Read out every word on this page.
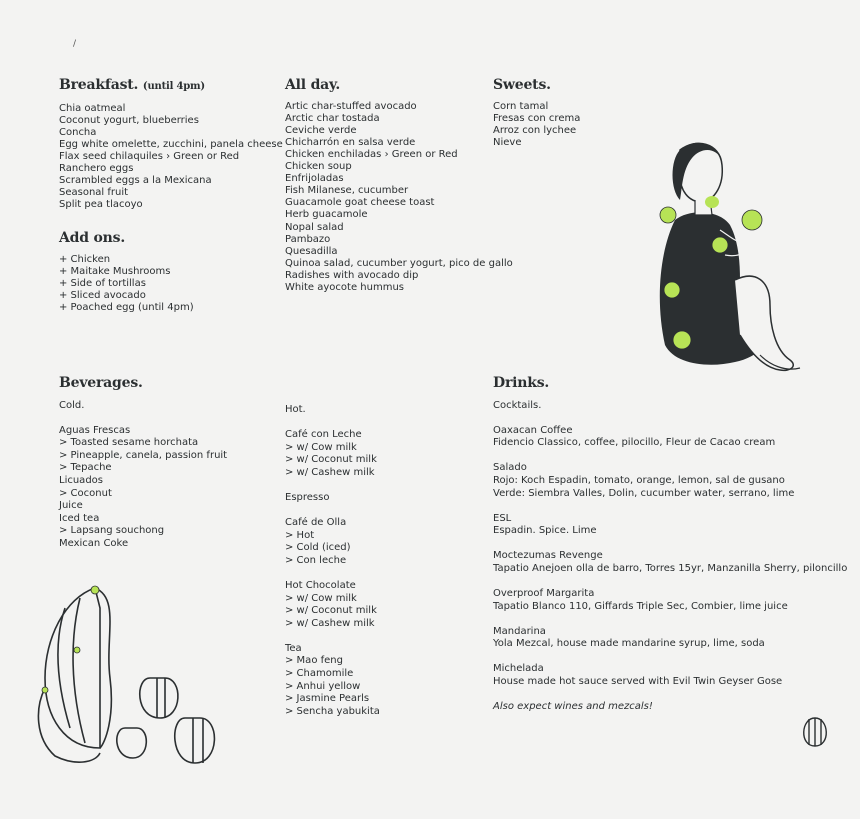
/
Breakfast. (until 4pm)
Chia oatmeal
Coconut yogurt, blueberries
Concha
Egg white omelette, zucchini, panela cheese
Flax seed chilaquiles › Green or Red
Ranchero eggs
Scrambled eggs a la Mexicana
Seasonal fruit
Split pea tlacoyo
Add ons.
+ Chicken
+ Maitake Mushrooms
+ Side of tortillas
+ Sliced avocado
+ Poached egg (until 4pm)
All day.
Artic char-stuffed avocado
Arctic char tostada
Ceviche verde
Chicharrón en salsa verde
Chicken enchiladas › Green or Red
Chicken soup
Enfrijoladas
Fish Milanese, cucumber
Guacamole goat cheese toast
Herb guacamole
Nopal salad
Pambazo
Quesadilla
Quinoa salad, cucumber yogurt, pico de gallo
Radishes with avocado dip
White ayocote hummus
Sweets.
Corn tamal
Fresas con crema
Arroz con lychee
Nieve
Beverages.
Cold.
Aguas Frescas
> Toasted sesame horchata
> Pineapple, canela, passion fruit
> Tepache
Licuados
> Coconut
Juice
Iced tea
> Lapsang souchong
Mexican Coke
Hot.
Café con Leche
> w/ Cow milk
> w/ Coconut milk
> w/ Cashew milk
Espresso
Café de Olla
> Hot
> Cold (iced)
> Con leche
Hot Chocolate
> w/ Cow milk
> w/ Coconut milk
> w/ Cashew milk
Tea
> Mao feng
> Chamomile
> Anhui yellow
> Jasmine Pearls
> Sencha yabukita
Drinks.
Cocktails.
Oaxacan Coffee
Fidencio Classico, coffee, pilocillo, Fleur de Cacao cream
Salado
Rojo: Koch Espadin, tomato, orange, lemon, sal de gusano
Verde: Siembra Valles, Dolin, cucumber water, serrano, lime
ESL
Espadin. Spice. Lime
Moctezumas Revenge
Tapatio Anejoen olla de barro, Torres 15yr, Manzanilla Sherry, piloncillo
Overproof Margarita
Tapatio Blanco 110, Giffards Triple Sec, Combier, lime juice
Mandarina
Yola Mezcal, house made mandarine syrup, lime, soda
Michelada
House made hot sauce served with Evil Twin Geyser Gose
Also expect wines and mezcals!
